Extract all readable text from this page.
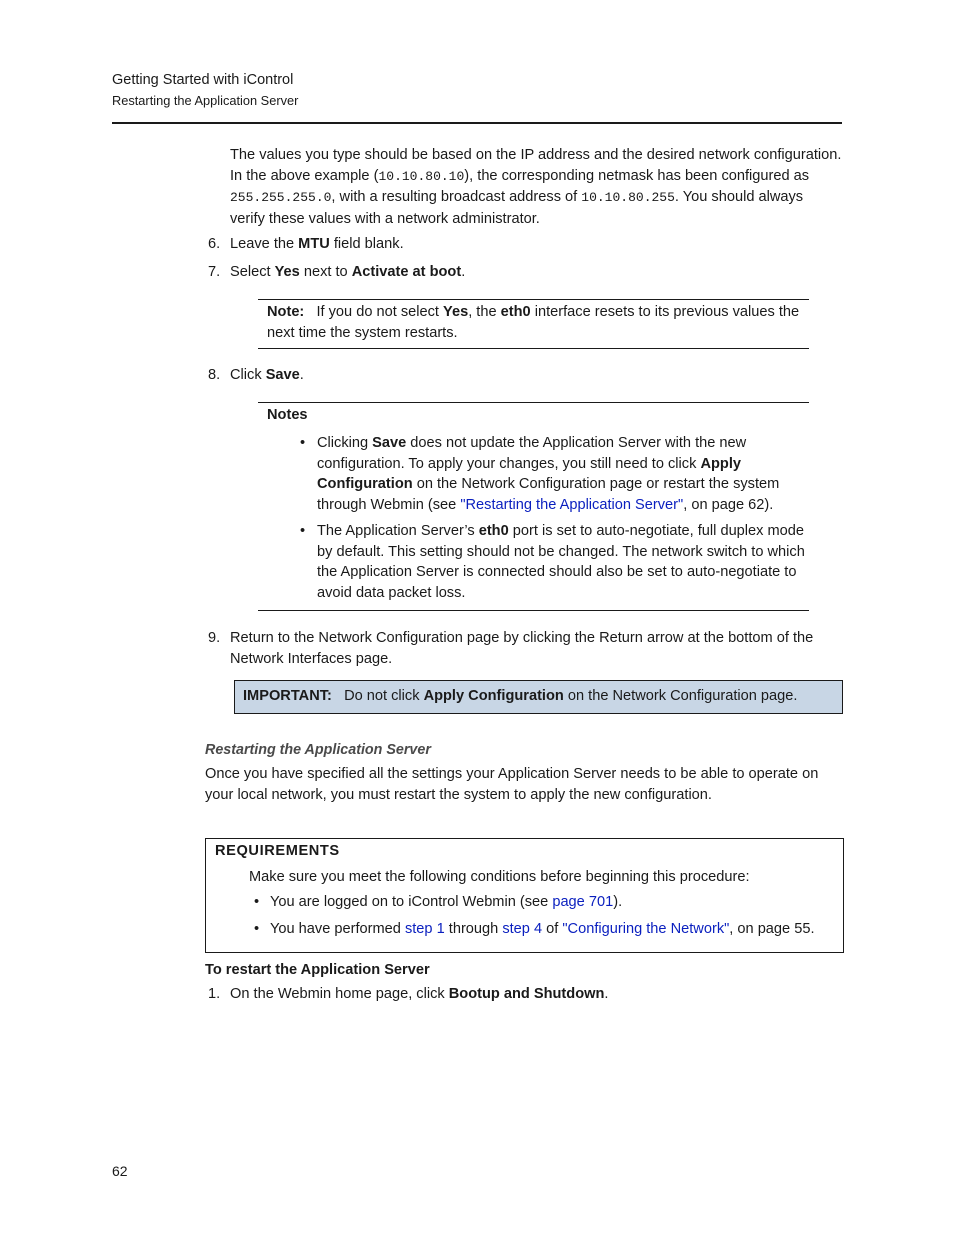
Getting Started with iControl
Restarting the Application Server
The values you type should be based on the IP address and the desired network configuration. In the above example (10.10.80.10), the corresponding netmask has been configured as 255.255.255.0, with a resulting broadcast address of 10.10.80.255. You should always verify these values with a network administrator.
6. Leave the MTU field blank.
7. Select Yes next to Activate at boot.
Note: If you do not select Yes, the eth0 interface resets to its previous values the next time the system restarts.
8. Click Save.
Notes
• Clicking Save does not update the Application Server with the new configuration. To apply your changes, you still need to click Apply Configuration on the Network Configuration page or restart the system through Webmin (see "Restarting the Application Server", on page 62).
• The Application Server’s eth0 port is set to auto-negotiate, full duplex mode by default. This setting should not be changed. The network switch to which the Application Server is connected should also be set to auto-negotiate to avoid data packet loss.
9. Return to the Network Configuration page by clicking the Return arrow at the bottom of the Network Interfaces page.
IMPORTANT: Do not click Apply Configuration on the Network Configuration page.
Restarting the Application Server
Once you have specified all the settings your Application Server needs to be able to operate on your local network, you must restart the system to apply the new configuration.
REQUIREMENTS
Make sure you meet the following conditions before beginning this procedure:
• You are logged on to iControl Webmin (see page 701).
• You have performed step 1 through step 4 of "Configuring the Network", on page 55.
To restart the Application Server
1. On the Webmin home page, click Bootup and Shutdown.
62
